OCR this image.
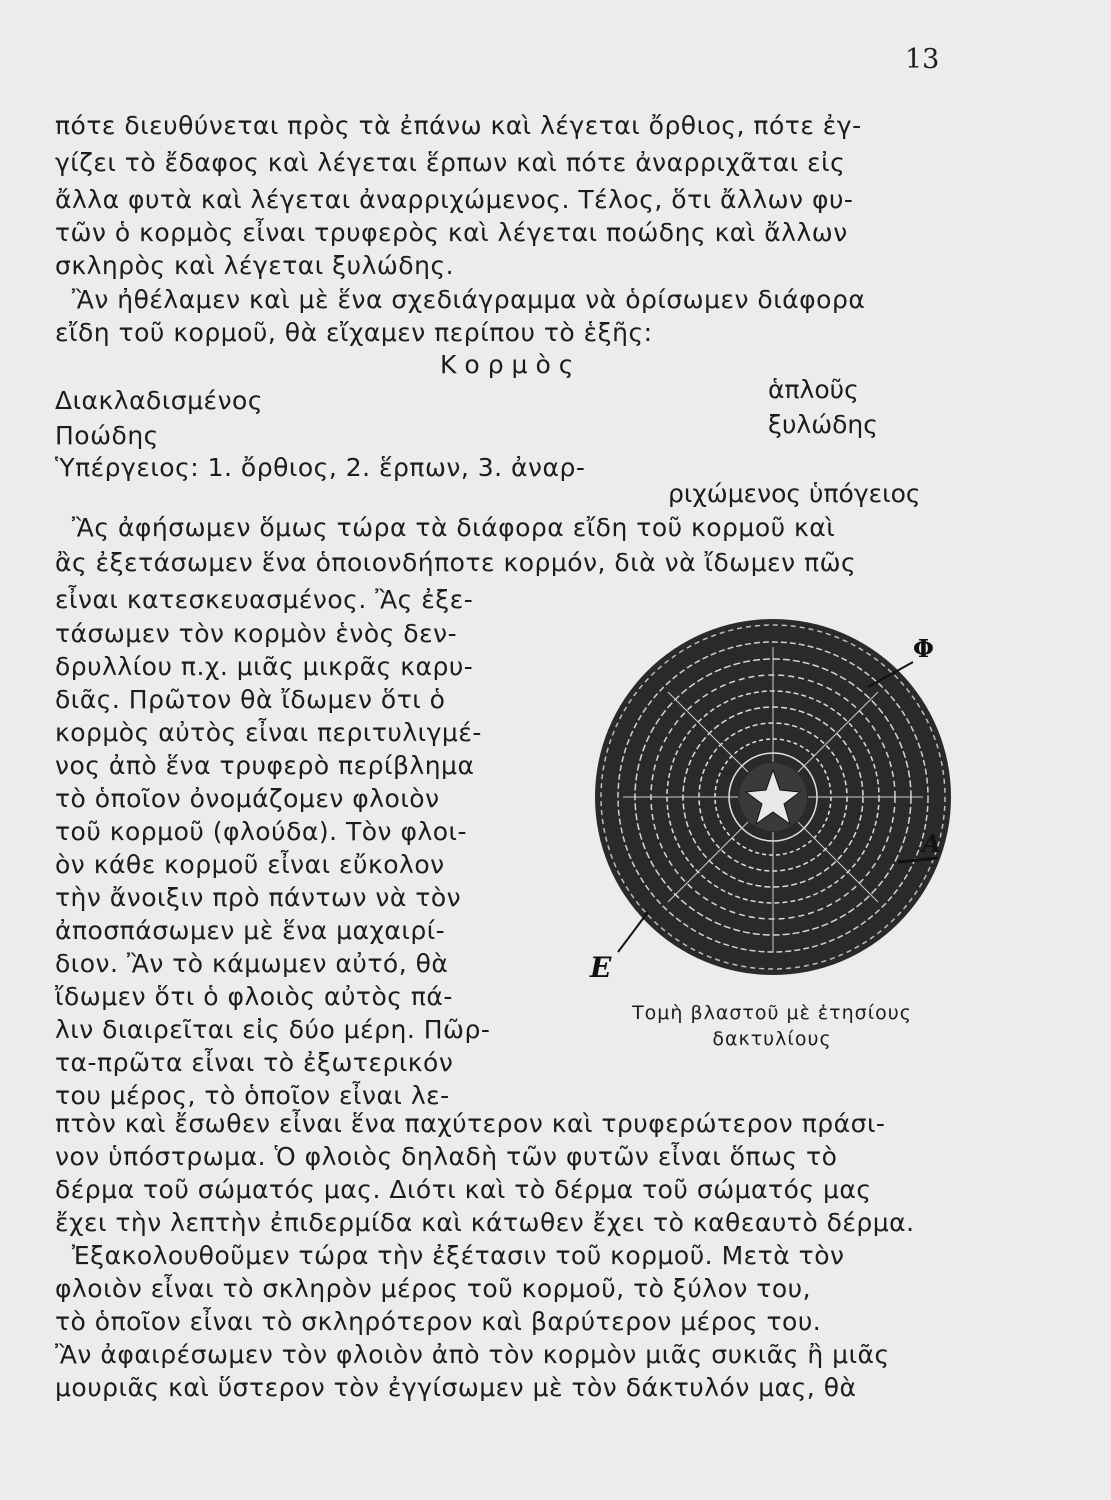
13
πότε διευθύνεται πρὸς τὰ ἐπάνω καὶ λέγεται ὄρθιος, πότε ἐγ-
γίζει τὸ ἔδαφος καὶ λέγεται ἕρπων καὶ πότε ἀναρριχᾶται εἰς
ἄλλα φυτὰ καὶ λέγεται ἀναρριχώμενος. Τέλος, ὅτι ἄλλων φυ-
τῶν ὁ κορμὸς εἶναι τρυφερὸς καὶ λέγεται ποώδης καὶ ἄλλων
σκληρὸς καὶ λέγεται ξυλώδης.
Ἂν ἠθέλαμεν καὶ μὲ ἕνα σχεδιάγραμμα νὰ ὁρίσωμεν διάφορα
εἴδη τοῦ κορμοῦ, θὰ εἴχαμεν περίπου τὸ ἑξῆς:
Κορμὸς
Διακλαδισμένος
Ποώδης
Ὑπέργειος: 1. ὄρθιος, 2. ἕρπων, 3. ἀναρ-
ἁπλοῦς
ξυλώδης
ριχώμενος ὑπόγειος
Ἂς ἀφήσωμεν ὅμως τώρα τὰ διάφορα εἴδη τοῦ κορμοῦ καὶ
ἂς ἐξετάσωμεν ἕνα ὁποιονδήποτε κορμόν, διὰ νὰ ἴδωμεν πῶς
εἶναι κατεσκευασμένος. Ἂς ἐξε-
τάσωμεν τὸν κορμὸν ἑνὸς δεν-
δρυλλίου π.χ. μιᾶς μικρᾶς καρυ-
διᾶς. Πρῶτον θὰ ἴδωμεν ὅτι ὁ
κορμὸς αὐτὸς εἶναι περιτυλιγμέ-
νος ἀπὸ ἕνα τρυφερὸ περίβλημα
τὸ ὁποῖον ὀνομάζομεν φλοιὸν
τοῦ κορμοῦ (φλούδα). Τὸν φλοι-
ὸν κάθε κορμοῦ εἶναι εὔκολον
τὴν ἄνοιξιν πρὸ πάντων νὰ τὸν
ἀποσπάσωμεν μὲ ἕνα μαχαιρί-
διον. Ἂν τὸ κάμωμεν αὐτό, θὰ
ἴδωμεν ὅτι ὁ φλοιὸς αὐτὸς πά-
λιν διαιρεῖται εἰς δύο μέρη. Πῶρ-
τα-πρῶτα εἶναι τὸ ἐξωτερικόν
του μέρος, τὸ ὁποῖον εἶναι λε-
Φ
Α
Ε
Τομὴ βλαστοῦ μὲ ἐτησίους
δακτυλίους
πτὸν καὶ ἔσωθεν εἶναι ἕνα παχύτερον καὶ τρυφερώτερον πράσι-
νον ὑπόστρωμα. Ὁ φλοιὸς δηλαδὴ τῶν φυτῶν εἶναι ὅπως τὸ
δέρμα τοῦ σώματός μας. Διότι καὶ τὸ δέρμα τοῦ σώματός μας
ἔχει τὴν λεπτὴν ἐπιδερμίδα καὶ κάτωθεν ἔχει τὸ καθεαυτὸ δέρμα.
Ἐξακολουθοῦμεν τώρα τὴν ἐξέτασιν τοῦ κορμοῦ. Μετὰ τὸν
φλοιὸν εἶναι τὸ σκληρὸν μέρος τοῦ κορμοῦ, τὸ ξύλον του,
τὸ ὁποῖον εἶναι τὸ σκληρότερον καὶ βαρύτερον μέρος του.
Ἂν ἀφαιρέσωμεν τὸν φλοιὸν ἀπὸ τὸν κορμὸν μιᾶς συκιᾶς ἢ μιᾶς
μουριᾶς καὶ ὕστερον τὸν ἐγγίσωμεν μὲ τὸν δάκτυλόν μας, θὰ
